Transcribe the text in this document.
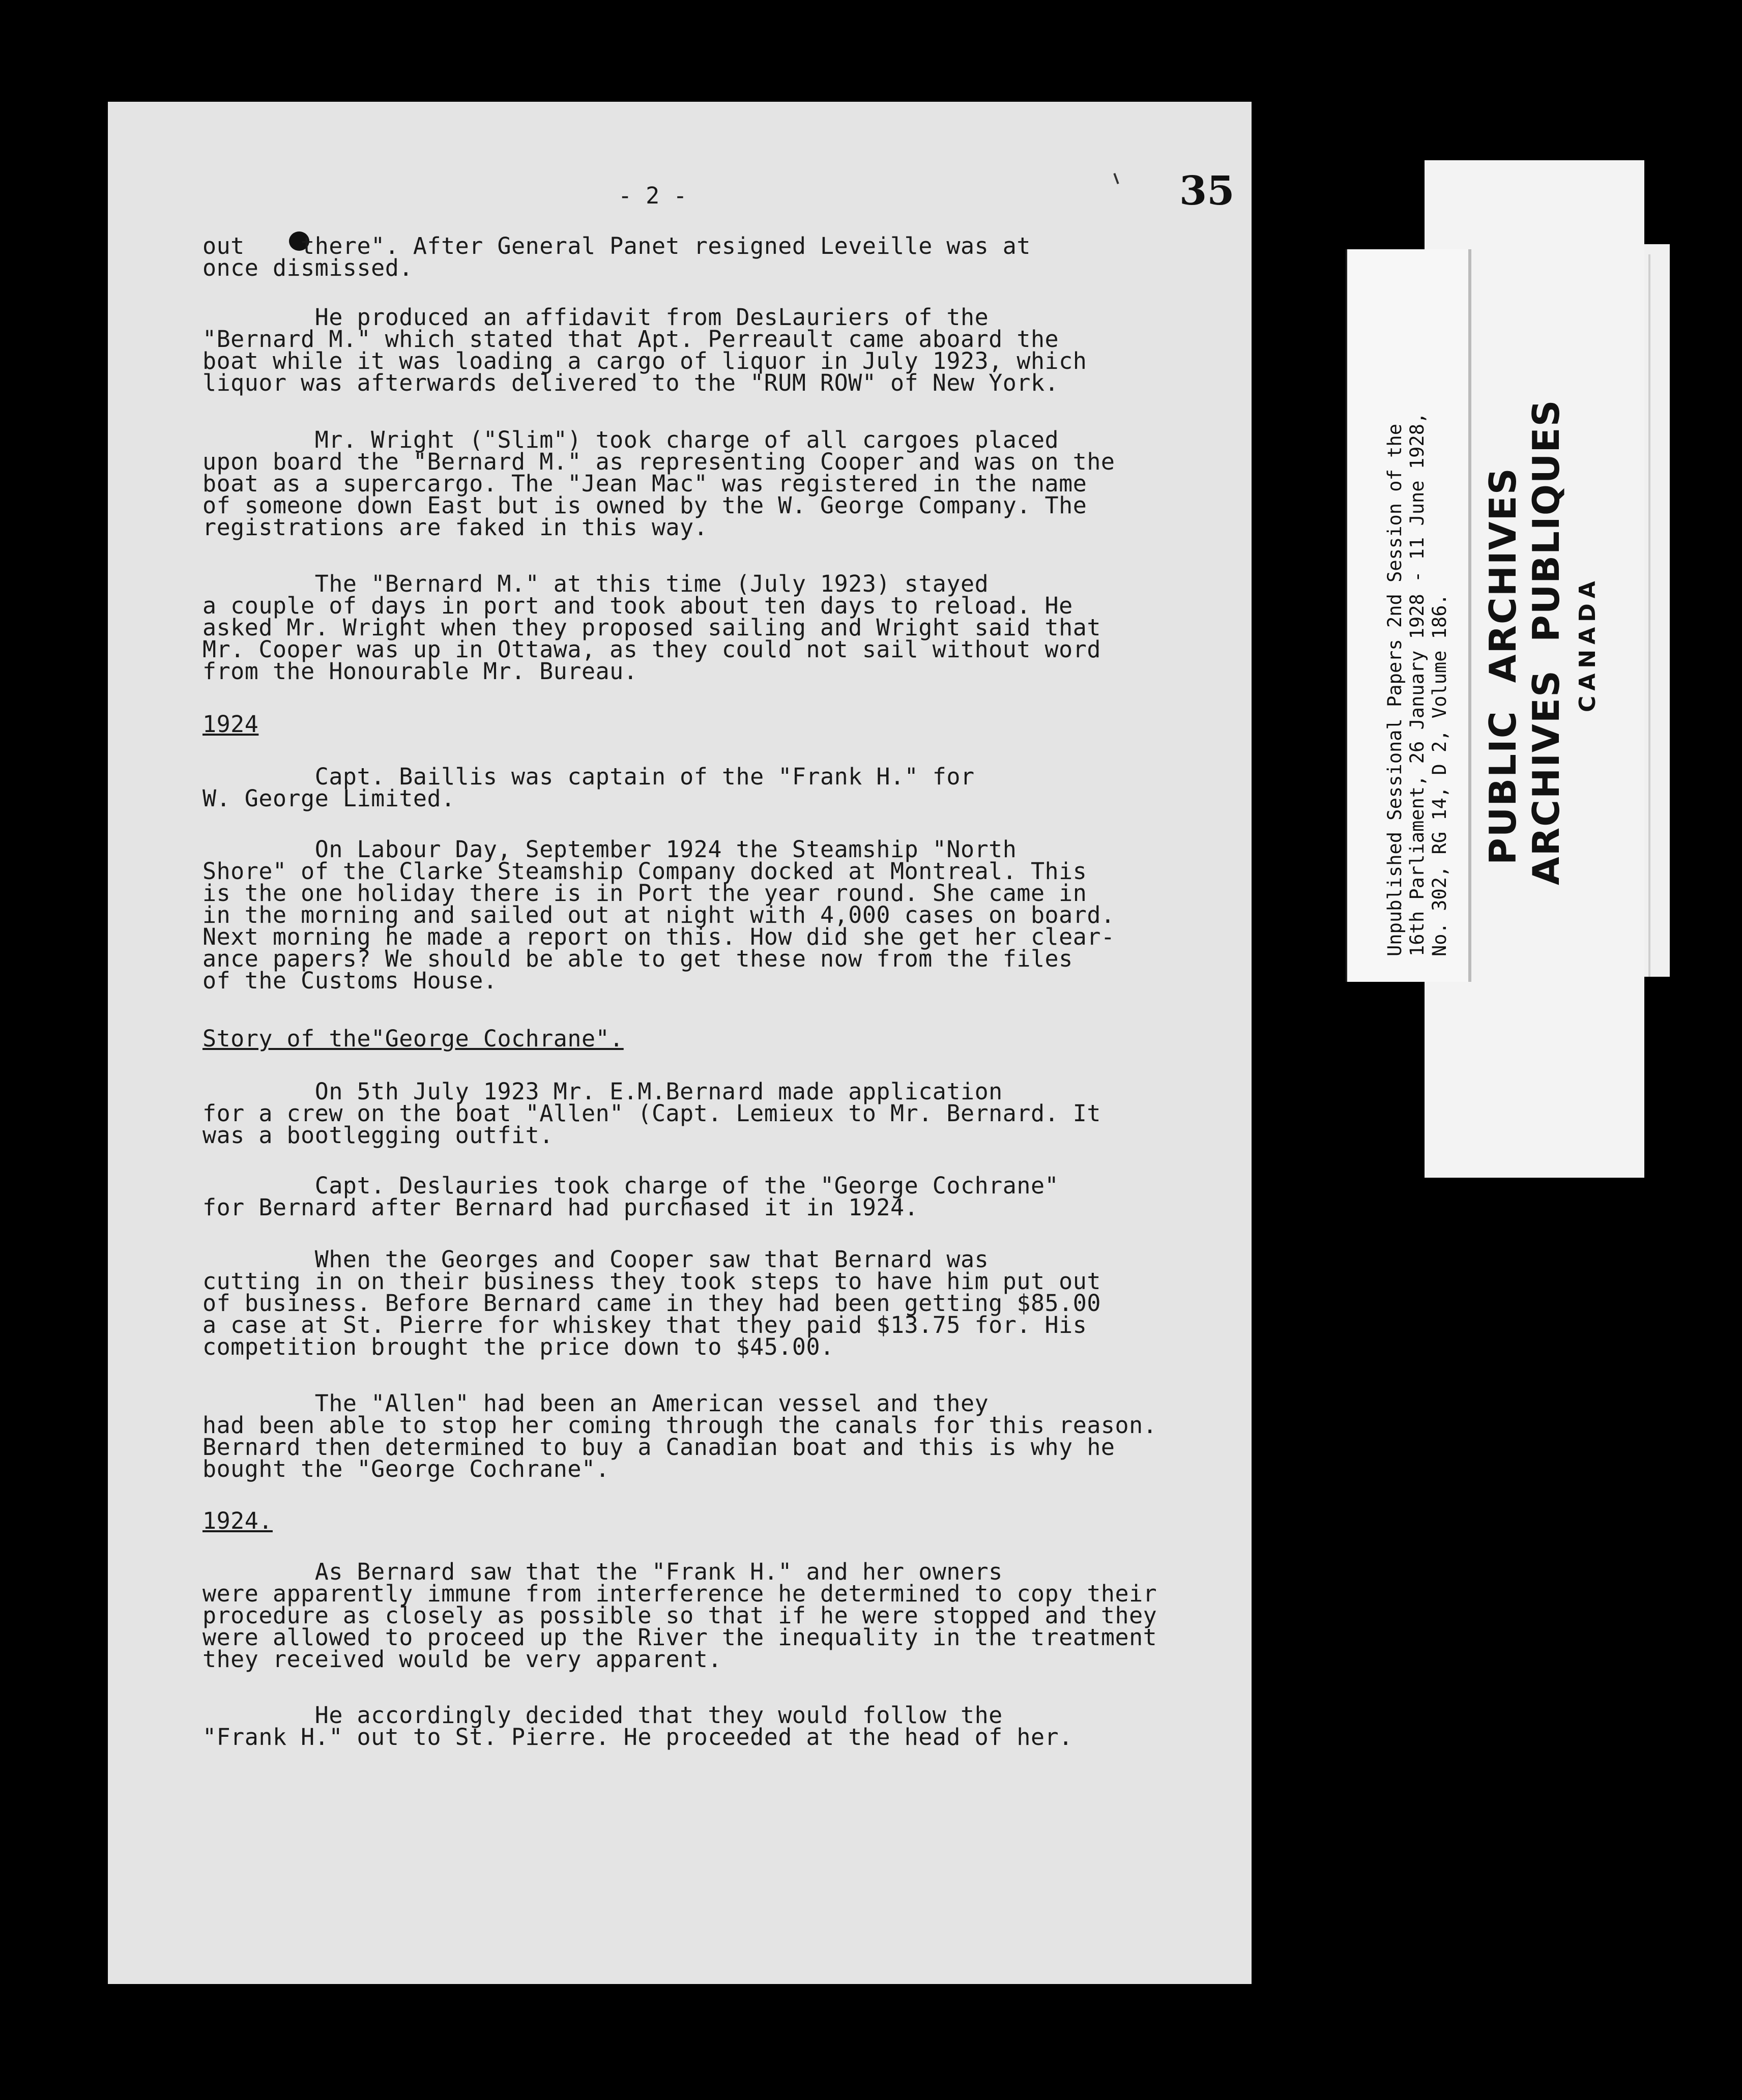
- 2 -	35
out    there". After General Panet resigned Leveille was at
once dismissed.
He produced an affidavit from DesLauriers of the
"Bernard M." which stated that Apt. Perreault came aboard the
boat while it was loading a cargo of liquor in July 1923, which
liquor was afterwards delivered to the "RUM ROW" of New York.
Mr. Wright ("Slim") took charge of all cargoes placed
upon board the "Bernard M." as representing Cooper and was on the
boat as a supercargo. The "Jean Mac" was registered in the name
of someone down East but is owned by the W. George Company. The
registrations are faked in this way.
The "Bernard M." at this time (July 1923) stayed
a couple of days in port and took about ten days to reload. He
asked Mr. Wright when they proposed sailing and Wright said that
Mr. Cooper was up in Ottawa, as they could not sail without word
from the Honourable Mr. Bureau.
1924
Capt. Baillis was captain of the "Frank H." for
W. George Limited.
On Labour Day, September 1924 the Steamship "North
Shore" of the Clarke Steamship Company docked at Montreal. This
is the one holiday there is in Port the year round. She came in
in the morning and sailed out at night with 4,000 cases on board.
Next morning he made a report on this. How did she get her clear-
ance papers? We should be able to get these now from the files
of the Customs House.
Story of the"George Cochrane".
On 5th July 1923 Mr. E.M.Bernard made application
for a crew on the boat "Allen" (Capt. Lemieux to Mr. Bernard. It
was a bootlegging outfit.
Capt. Deslauries took charge of the "George Cochrane"
for Bernard after Bernard had purchased it in 1924.
When the Georges and Cooper saw that Bernard was
cutting in on their business they took steps to have him put out
of business. Before Bernard came in they had been getting $85.00
a case at St. Pierre for whiskey that they paid $13.75 for. His
competition brought the price down to $45.00.
The "Allen" had been an American vessel and they
had been able to stop her coming through the canals for this reason.
Bernard then determined to buy a Canadian boat and this is why he
bought the "George Cochrane".
1924.
As Bernard saw that the "Frank H." and her owners
were apparently immune from interference he determined to copy their
procedure as closely as possible so that if he were stopped and they
were allowed to proceed up the River the inequality in the treatment
they received would be very apparent.
He accordingly decided that they would follow the
"Frank H." out to St. Pierre. He proceeded at the head of her.
Unpublished Sessional Papers 2nd Session of the
16th Parliament, 26 January 1928 - 11 June 1928,
No. 302, RG 14, D 2, Volume 186. PUBLIC  ARCHIVES ARCHIVES  PUBLIQUES CANADA
